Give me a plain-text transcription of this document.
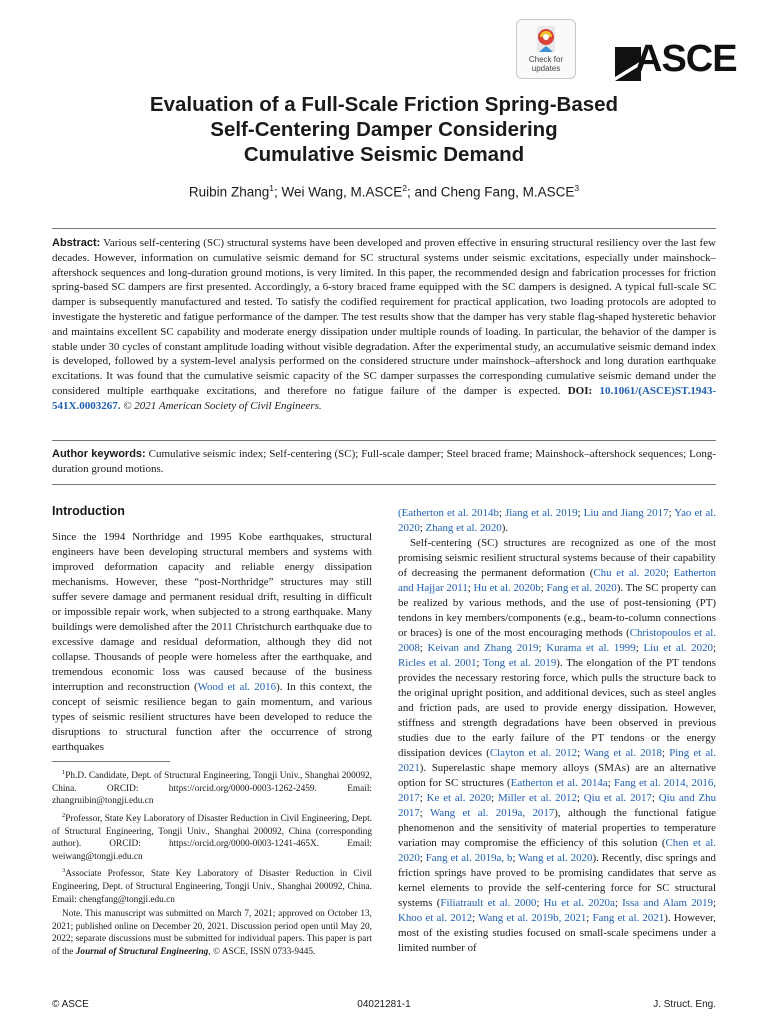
Check for
updates	ASCE
Evaluation of a Full-Scale Friction Spring-Based
Self-Centering Damper Considering
Cumulative Seismic Demand
Ruibin Zhang$^1$; Wei Wang, M.ASCE$^2$; and Cheng Fang, M.ASCE$^3$
Abstract: Various self-centering (SC) structural systems have been developed and proven effective in ensuring structural resiliency over the last few decades. However, information on cumulative seismic demand for SC structural systems under seismic excitations, especially under mainshock–aftershock sequences and long-duration ground motions, is very limited. In this paper, the recommended design and fabrication processes for friction spring-based SC dampers are first presented. Accordingly, a 6-story braced frame equipped with the SC dampers is designed. A typical full-scale SC damper is subsequently manufactured and tested. To satisfy the codified requirement for practical application, two loading protocols are adopted to investigate the hysteretic and fatigue performance of the damper. The test results show that the damper has very stable flag-shaped hysteretic behavior and maintains excellent SC capability and moderate energy dissipation under multiple rounds of loading. In particular, the behavior of the damper is stable under 30 cycles of constant amplitude loading without visible degradation. After the experimental study, an accumulative seismic demand index is developed, followed by a system-level analysis performed on the considered structure under mainshock–aftershock and long duration earthquake excitations. It was found that the cumulative seismic capacity of the SC damper surpasses the corresponding cumulative seismic demand under the considered multiple earthquake excitations, and therefore no fatigue failure of the damper is expected. DOI: 10.1061/(ASCE)ST.1943-541X.0003267. © 2021 American Society of Civil Engineers.
Author keywords: Cumulative seismic index; Self-centering (SC); Full-scale damper; Steel braced frame; Mainshock–aftershock sequences; Long-duration ground motions.
Introduction

Since the 1994 Northridge and 1995 Kobe earthquakes, structural engineers have been developing structural members and systems with improved deformation capacity and reliable energy dissipation mechanisms. However, these “post-Northridge” structures may still suffer severe damage and permanent residual drift, resulting in difficult or impossible repair work, when subjected to a strong earthquake. Many buildings were demolished after the 2011 Christchurch earthquake due to excessive damage and residual deformation, although they did not collapse. Thousands of people were homeless after the earthquake, and tremendous economic loss was caused because of the business interruption and reconstruction (Wood et al. 2016). In this context, the concept of seismic resilience began to gain momentum, and various types of seismic resilient structures have been developed to reduce the disruptions to structural function after the occurrence of strong earthquakes

$^1$Ph.D. Candidate, Dept. of Structural Engineering, Tongji Univ., Shanghai 200092, China. ORCID: https://orcid.org/0000-0003-1262-2459. Email: zhangruibin@tongji.edu.cn

$^2$Professor, State Key Laboratory of Disaster Reduction in Civil Engineering, Dept. of Structural Engineering, Tongji Univ., Shanghai 200092, China (corresponding author). ORCID: https://orcid.org/0000-0003-1241-465X. Email: weiwang@tongji.edu.cn

$^3$Associate Professor, State Key Laboratory of Disaster Reduction in Civil Engineering, Dept. of Structural Engineering, Tongji Univ., Shanghai 200092, China. Email: chengfang@tongji.edu.cn

Note. This manuscript was submitted on March 7, 2021; approved on October 13, 2021; published online on December 20, 2021. Discussion period open until May 20, 2022; separate discussions must be submitted for individual papers. This paper is part of the Journal of Structural Engineering, © ASCE, ISSN 0733-9445.

(Eatherton et al. 2014b; Jiang et al. 2019; Liu and Jiang 2017; Yao et al. 2020; Zhang et al. 2020).

Self-centering (SC) structures are recognized as one of the most promising seismic resilient structural systems because of their capability of decreasing the permanent deformation (Chu et al. 2020; Eatherton and Hajjar 2011; Hu et al. 2020b; Fang et al. 2020). The SC property can be realized by various methods, and the use of post-tensioning (PT) tendons in key members/components (e.g., beam-to-column connections or braces) is one of the most encouraging methods (Christopoulos et al. 2008; Keivan and Zhang 2019; Kurama et al. 1999; Liu et al. 2020; Ricles et al. 2001; Tong et al. 2019). The elongation of the PT tendons provides the necessary restoring force, which pulls the structure back to the original upright position, and additional devices, such as steel angles and friction pads, are used to provide energy dissipation. However, stiffness and strength degradations have been observed in previous studies due to the early failure of the PT tendons or the energy dissipation devices (Clayton et al. 2012; Wang et al. 2018; Ping et al. 2021). Superelastic shape memory alloys (SMAs) are an alternative option for SC structures (Eatherton et al. 2014a; Fang et al. 2014, 2016, 2017; Ke et al. 2020; Miller et al. 2012; Qiu et al. 2017; Qiu and Zhu 2017; Wang et al. 2019a, 2017), although the functional fatigue phenomenon and the sensitivity of material properties to temperature variation may compromise the efficiency of this solution (Chen et al. 2020; Fang et al. 2019a, b; Wang et al. 2020). Recently, disc springs and friction springs have proved to be promising candidates that serve as kernel elements to provide the self-centering force for SC structural systems (Filiatrault et al. 2000; Hu et al. 2020a; Issa and Alam 2019; Khoo et al. 2012; Wang et al. 2019b, 2021; Fang et al. 2021). However, most of the existing studies focused on small-scale specimens under a limited number of

© ASCE	04021281-1	J. Struct. Eng.
